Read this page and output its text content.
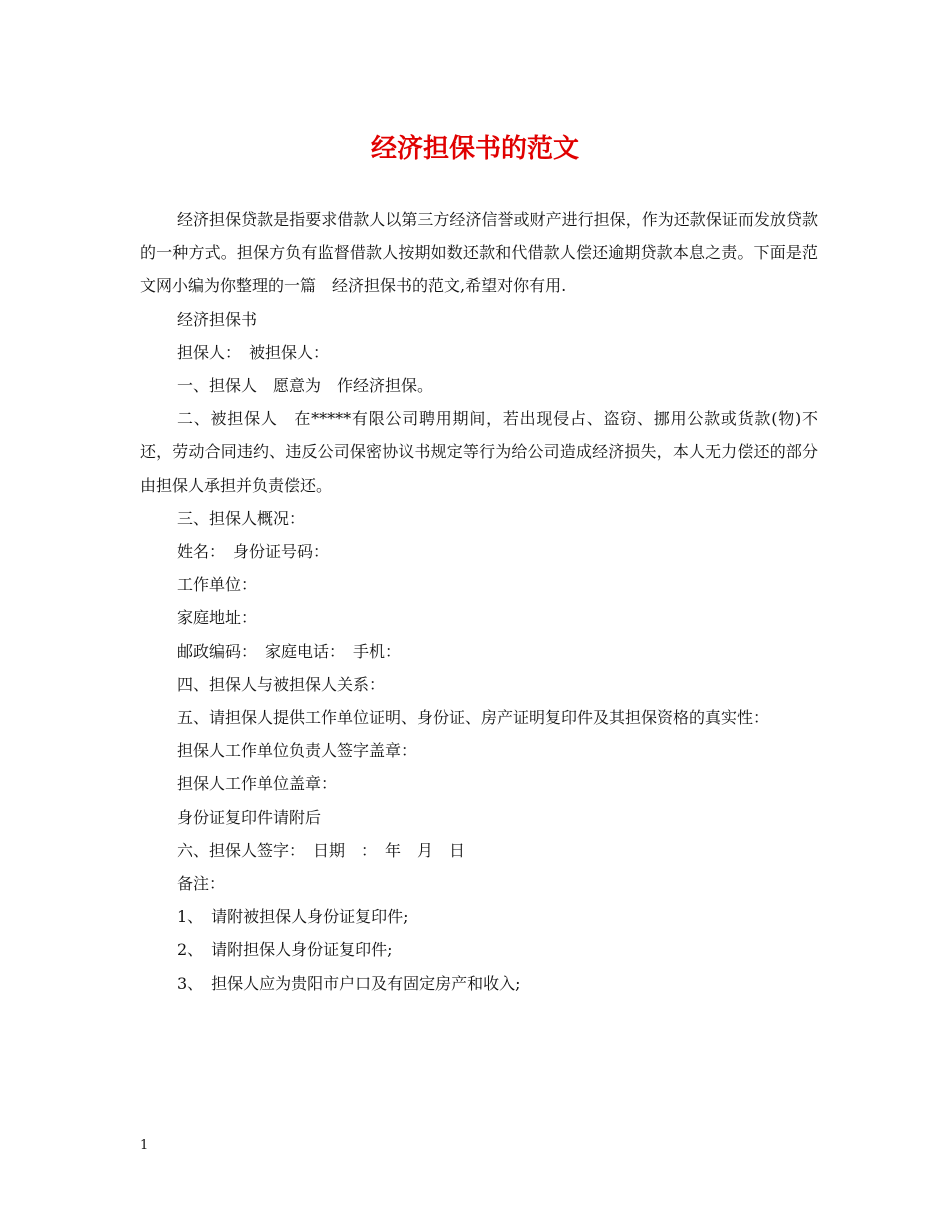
经济担保书的范文

经济担保贷款是指要求借款人以第三方经济信誉或财产进行担保，作为还款保证而发放贷款的一种方式。担保方负有监督借款人按期如数还款和代借款人偿还逾期贷款本息之责。下面是范文网小编为你整理的一篇　经济担保书的范文,希望对你有用.

经济担保书

担保人：　被担保人：

一、担保人　愿意为　作经济担保。

二、被担保人　在*****有限公司聘用期间，若出现侵占、盗窃、挪用公款或货款(物)不还，劳动合同违约、违反公司保密协议书规定等行为给公司造成经济损失，本人无力偿还的部分由担保人承担并负责偿还。

三、担保人概况：

姓名：　身份证号码：

工作单位：

家庭地址：

邮政编码：　家庭电话：　手机：

四、担保人与被担保人关系：

五、请担保人提供工作单位证明、身份证、房产证明复印件及其担保资格的真实性：

担保人工作单位负责人签字盖章：

担保人工作单位盖章：

身份证复印件请附后

六、担保人签字：　日期　：　年　月　日

备注：

1、　请附被担保人身份证复印件;

2、　请附担保人身份证复印件;

3、　担保人应为贵阳市户口及有固定房产和收入;

1
